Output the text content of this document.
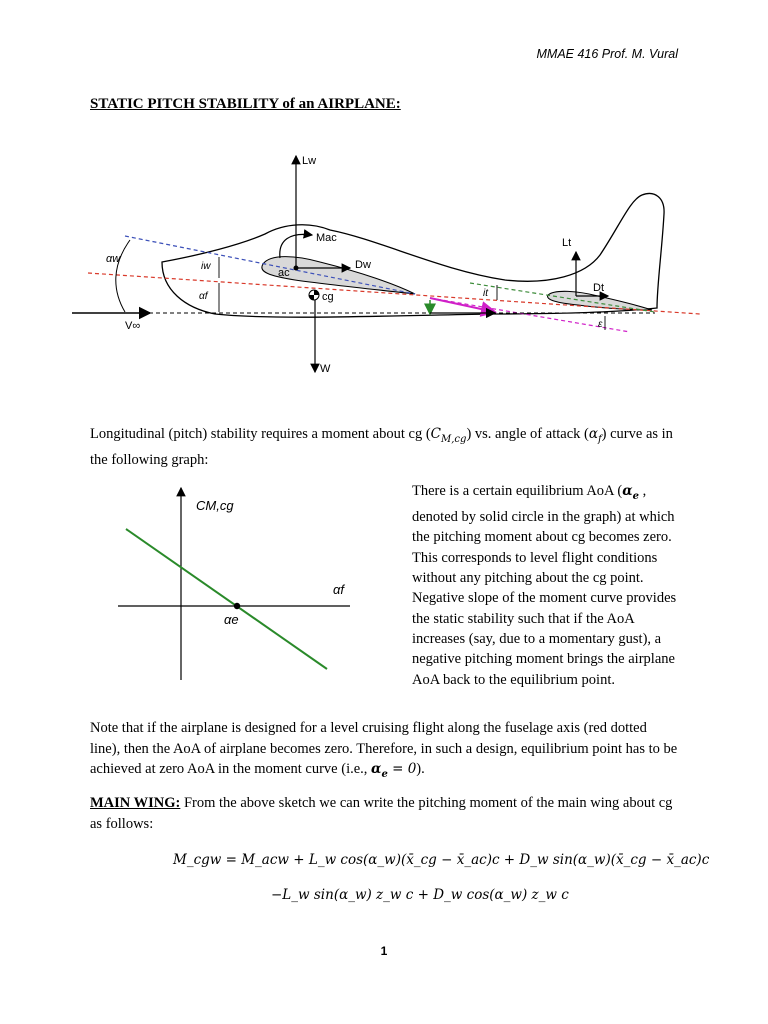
MMAE 416 Prof. M. Vural
STATIC PITCH STABILITY of an AIRPLANE:
Lw
Mac
Dw
ac
cg
αw
iw
αf
V∞
W
Lt
Dt
it
ε
Longitudinal (pitch) stability requires a moment about cg $(C_{M,cg})$ vs. angle of attack $(\alpha_f)$ curve as in the following graph:
CM,cg
αf
αe
There is a certain equilibrium AoA ($\alpha_e$ , denoted by solid circle in the graph) at which the pitching moment about cg becomes zero. This corresponds to level flight conditions without any pitching about the cg point. Negative slope of the moment curve provides the static stability such that if the AoA increases (say, due to a momentary gust), a negative pitching moment brings the airplane AoA back to the equilibrium point.
Note that if the airplane is designed for a level cruising flight along the fuselage axis (red dotted line), then the AoA of airplane becomes zero. Therefore, in such a design, equilibrium point has to be achieved at zero AoA in the moment curve (i.e., $\alpha_e = 0$).
MAIN WING: From the above sketch we can write the pitching moment of the main wing about cg as follows:
M_cgw = M_acw + L_w cos(α_w)(x̄_cg − x̄_ac)c + D_w sin(α_w)(x̄_cg − x̄_ac)c
−L_w sin(α_w) z_w c + D_w cos(α_w) z_w c
1
